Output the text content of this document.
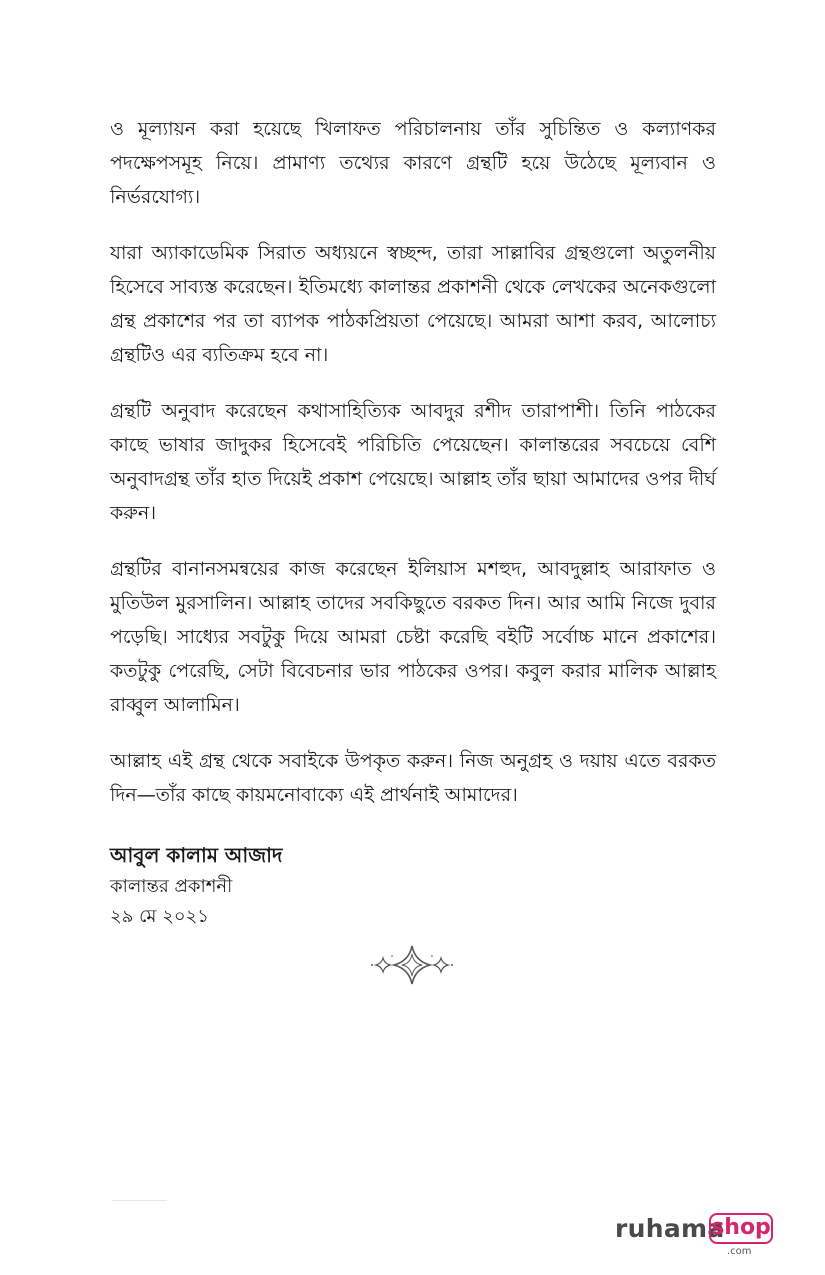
ও মূল্যায়ন করা হয়েছে খিলাফত পরিচালনায় তাঁর সুচিন্তিত ও কল্যাণকর পদক্ষেপসমূহ নিয়ে। প্রামাণ্য তথ্যের কারণে গ্রন্থটি হয়ে উঠেছে মূল্যবান ও নির্ভরযোগ্য।

যারা অ্যাকাডেমিক সিরাত অধ্যয়নে স্বচ্ছন্দ, তারা সাল্লাবির গ্রন্থগুলো অতুলনীয় হিসেবে সাব্যস্ত করেছেন। ইতিমধ্যে কালান্তর প্রকাশনী থেকে লেখকের অনেকগুলো গ্রন্থ প্রকাশের পর তা ব্যাপক পাঠকপ্রিয়তা পেয়েছে। আমরা আশা করব, আলোচ্য গ্রন্থটিও এর ব্যতিক্রম হবে না।

গ্রন্থটি অনুবাদ করেছেন কথাসাহিত্যিক আবদুর রশীদ তারাপাশী। তিনি পাঠকের কাছে ভাষার জাদুকর হিসেবেই পরিচিতি পেয়েছেন। কালান্তরের সবচেয়ে বেশি অনুবাদগ্রন্থ তাঁর হাত দিয়েই প্রকাশ পেয়েছে। আল্লাহ তাঁর ছায়া আমাদের ওপর দীর্ঘ করুন।

গ্রন্থটির বানানসমন্বয়ের কাজ করেছেন ইলিয়াস মশহুদ, আবদুল্লাহ আরাফাত ও মুতিউল মুরসালিন। আল্লাহ তাদের সবকিছুতে বরকত দিন। আর আমি নিজে দুবার পড়েছি। সাধ্যের সবটুকু দিয়ে আমরা চেষ্টা করেছি বইটি সর্বোচ্চ মানে প্রকাশের। কতটুকু পেরেছি, সেটা বিবেচনার ভার পাঠকের ওপর। কবুল করার মালিক আল্লাহ রাব্বুল আলামিন।

আল্লাহ এই গ্রন্থ থেকে সবাইকে উপকৃত করুন। নিজ অনুগ্রহ ও দয়ায় এতে বরকত দিন—তাঁর কাছে কায়মনোবাক্যে এই প্রার্থনাই আমাদের।

আবুল কালাম আজাদ
কালান্তর প্রকাশনী
২৯ মে ২০২১
ruhama
shop
.com
